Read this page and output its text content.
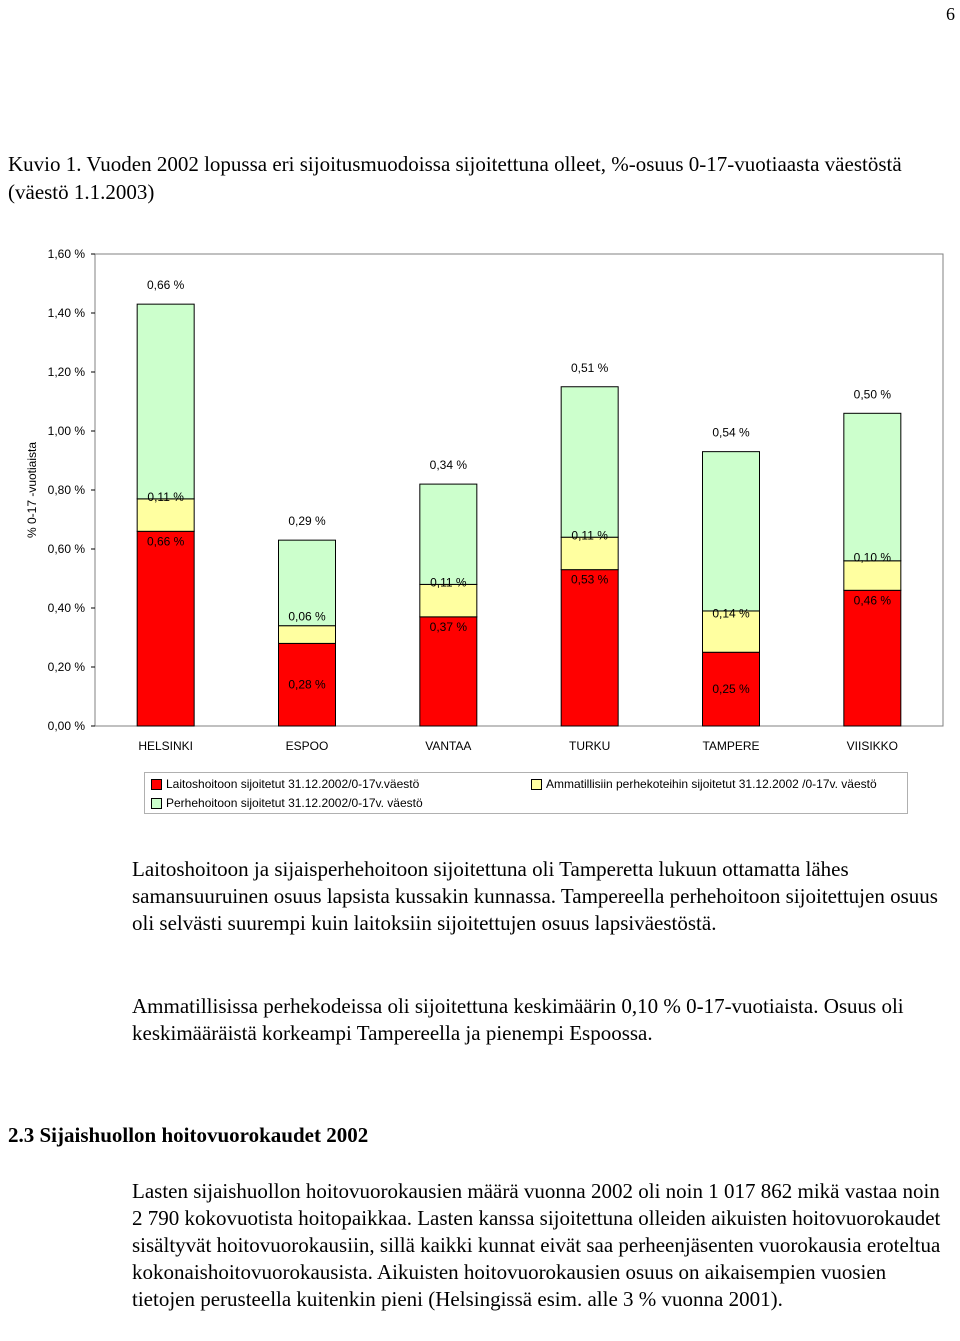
6
Kuvio 1. Vuoden 2002 lopussa eri sijoitusmuodoissa sijoitettuna olleet, %-osuus 0-17-vuotiaasta väestöstä (väestö 1.1.2003)
0,00 %
0,20 %
0,40 %
0,60 %
0,80 %
1,00 %
1,20 %
1,40 %
1,60 %
% 0-17 -vuotiaista
0,66 %
0,11 %
0,66 %
HELSINKI
0,28 %
0,06 %
0,29 %
ESPOO
0,37 %
0,11 %
0,34 %
VANTAA
0,53 %
0,11 %
0,51 %
TURKU
0,25 %
0,14 %
0,54 %
TAMPERE
0,46 %
0,10 %
0,50 %
VIISIKKO
Laitoshoitoon sijoitetut 31.12.2002/0-17v.väestö	Ammatillisiin perhekoteihin sijoitetut 31.12.2002 /0-17v. väestö
Perhehoitoon sijoitetut 31.12.2002/0-17v. väestö

Laitoshoitoon ja sijaisperhehoitoon sijoitettuna oli Tamperetta lukuun ottamatta lähes samansuuruinen osuus lapsista kussakin kunnassa. Tampereella perhehoitoon sijoitettujen osuus oli selvästi suurempi kuin laitoksiin sijoitettujen osuus lapsiväestöstä.

Ammatillisissa perhekodeissa oli sijoitettuna keskimäärin 0,10 % 0-17-vuotiaista. Osuus oli keskimääräistä korkeampi Tampereella ja pienempi Espoossa.

2.3 Sijaishuollon hoitovuorokaudet 2002

Lasten sijaishuollon hoitovuorokausien määrä vuonna 2002 oli noin 1 017 862 mikä vastaa noin 2 790 kokovuotista hoitopaikkaa. Lasten kanssa sijoitettuna olleiden aikuisten hoitovuorokaudet sisältyvät hoitovuorokausiin, sillä kaikki kunnat eivät saa perheenjäsenten vuorokausia eroteltua kokonaishoitovuorokausista. Aikuisten hoitovuorokausien osuus on aikaisempien vuosien tietojen perusteella kuitenkin pieni (Helsingissä esim. alle 3 % vuonna 2001).
